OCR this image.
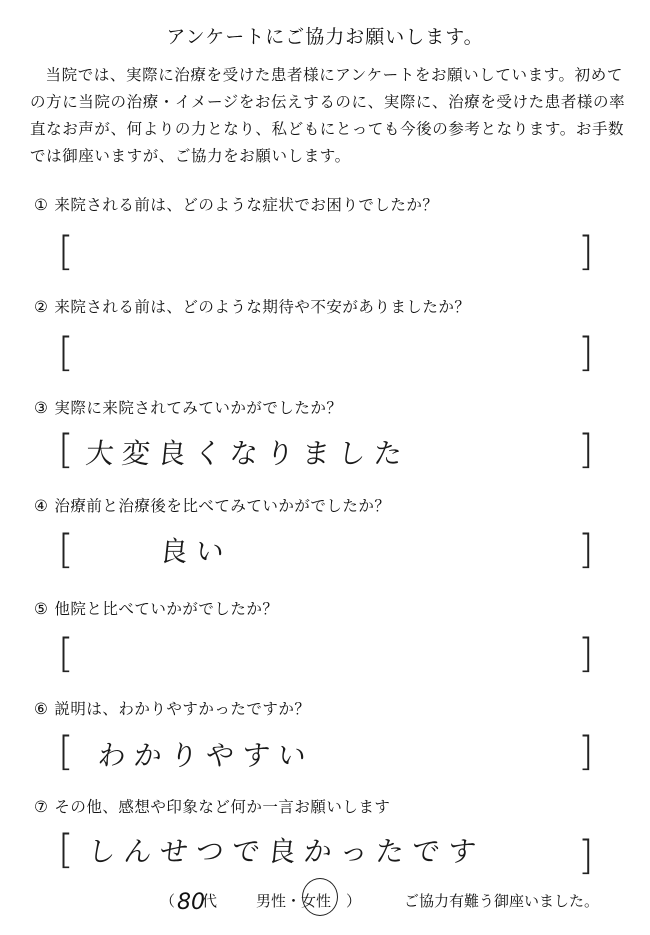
アンケートにご協力お願いします。

当院では、実際に治療を受けた患者様にアンケートをお願いしています。初めての方に当院の治療・イメージをお伝えするのに、実際に、治療を受けた患者様の率直なお声が、何よりの力となり、私どもにとっても今後の参考となります。お手数では御座いますが、ご協力をお願いします。

① 来院される前は、どのような症状でお困りでしたか？
[	]
② 来院される前は、どのような期待や不安がありましたか？
[	]
③ 実際に来院されてみていかがでしたか？
[ 大変良くなりました	]
④ 治療前と治療後を比べてみていかがでしたか？
[	良い	]
⑤ 他院と比べていかがでしたか？
[	]
⑥ 説明は、わかりやすかったですか？
[ わかりやすい	]
⑦ その他、感想や印象など何か一言お願いします
[ しんせつで良かったです ]
（ 80
代	男性・女性 ）	ご協力有難う御座いました。
